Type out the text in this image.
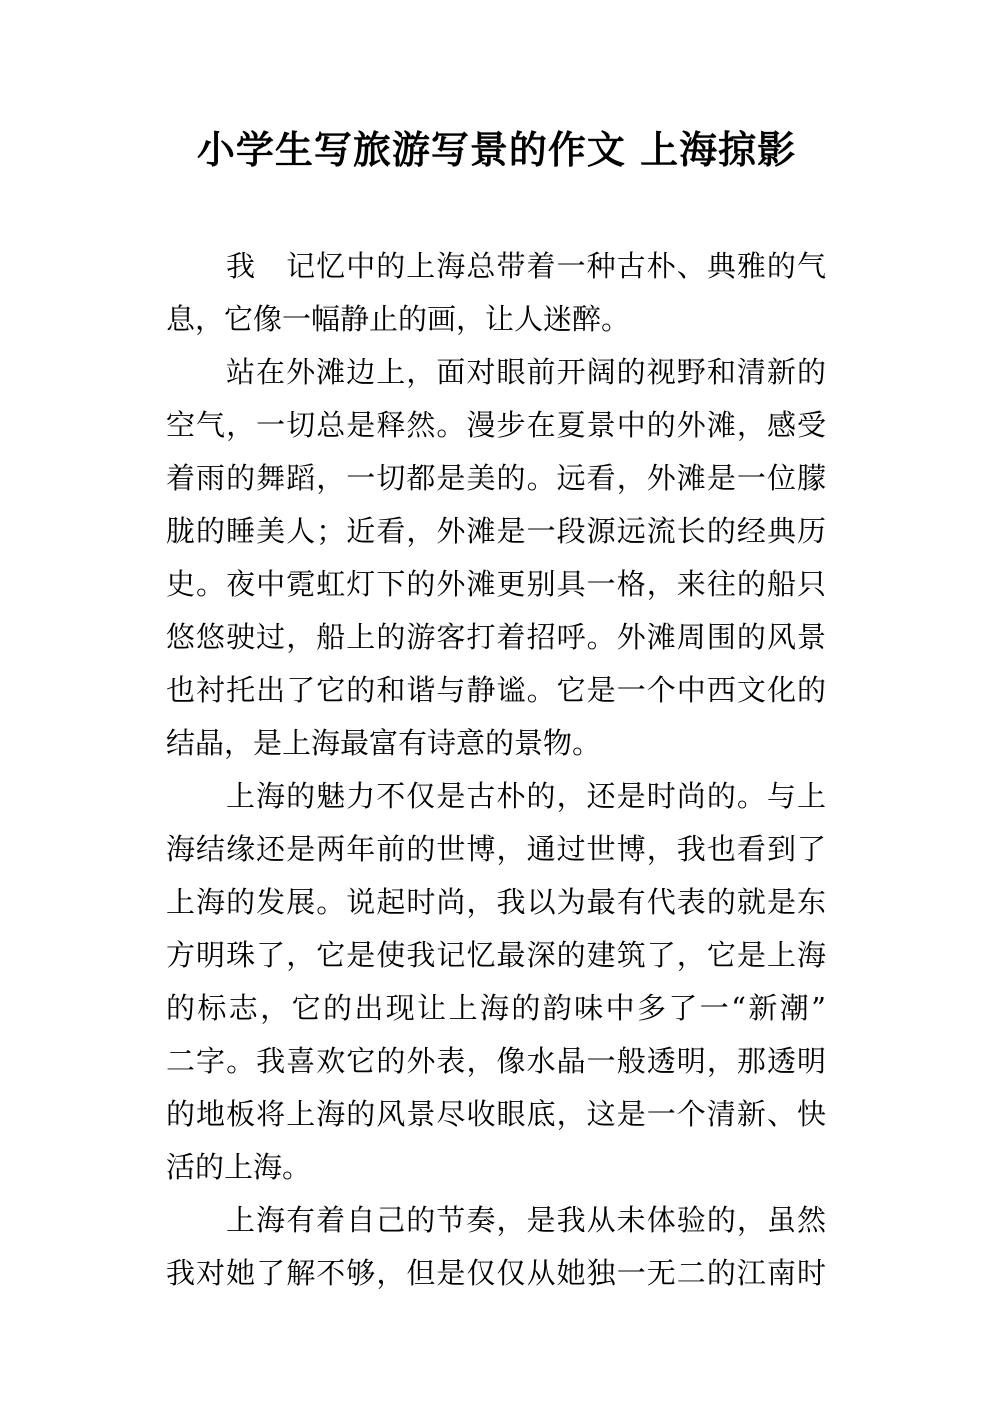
小学生写旅游写景的作文 上海掠影
我　记忆中的上海总带着一种古朴、典雅的气
息，它像一幅静止的画，让人迷醉。
站在外滩边上，面对眼前开阔的视野和清新的
空气，一切总是释然。漫步在夏景中的外滩，感受
着雨的舞蹈，一切都是美的。远看，外滩是一位朦
胧的睡美人；近看，外滩是一段源远流长的经典历
史。夜中霓虹灯下的外滩更别具一格，来往的船只
悠悠驶过，船上的游客打着招呼。外滩周围的风景
也衬托出了它的和谐与静谧。它是一个中西文化的
结晶，是上海最富有诗意的景物。
上海的魅力不仅是古朴的，还是时尚的。与上
海结缘还是两年前的世博，通过世博，我也看到了
上海的发展。说起时尚，我以为最有代表的就是东
方明珠了，它是使我记忆最深的建筑了，它是上海
的标志，它的出现让上海的韵味中多了一“新潮”
二字。我喜欢它的外表，像水晶一般透明，那透明
的地板将上海的风景尽收眼底，这是一个清新、快
活的上海。
上海有着自己的节奏，是我从未体验的，虽然
我对她了解不够，但是仅仅从她独一无二的江南时
